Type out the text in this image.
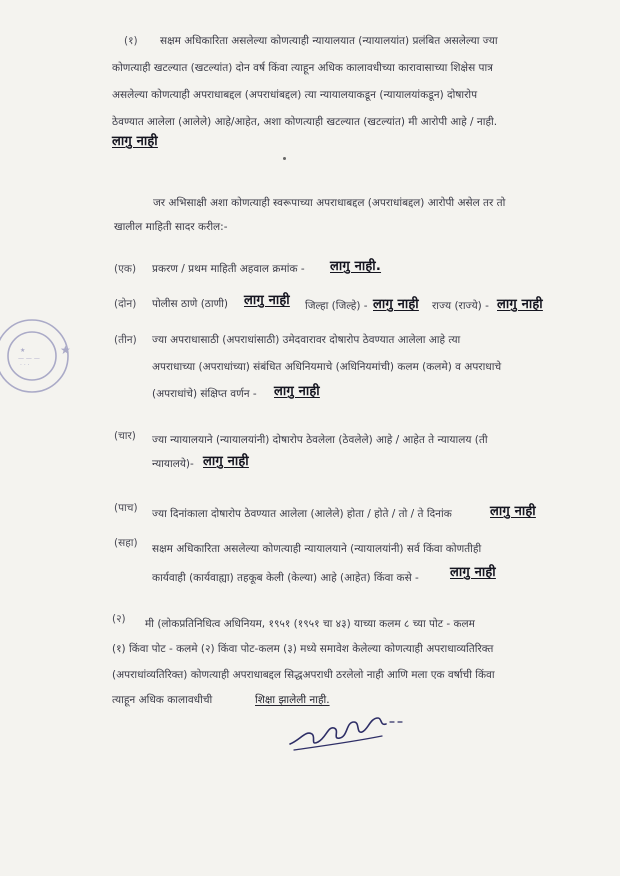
(१) सक्षम अधिकारिता असलेल्या कोणत्याही न्यायालयात (न्यायालयांत) प्रलंबित असलेल्या ज्या
कोणत्याही खटल्यात (खटल्यांत) दोन वर्ष किंवा त्याहून अधिक कालावधीच्या कारावासाच्या शिक्षेस पात्र
असलेल्या कोणत्याही अपराधाबद्दल (अपराधांबद्दल) त्या न्यायालयाकडून (न्यायालयांकडून) दोषारोप
ठेवण्यात आलेला (आलेले) आहे/आहेत, अशा कोणत्याही खटल्यात (खटल्यांत) मी आरोपी आहे / नाही.
लागु नाही
जर अभिसाक्षी अशा कोणत्याही स्वरूपाच्या अपराधाबद्दल (अपराधांबद्दल) आरोपी असेल तर तो
खालील माहिती सादर करील:-
(एक) प्रकरण / प्रथम माहिती अहवाल क्रमांक - लागु नाही.
(दोन) पोलीस ठाणे (ठाणी) लागु नाही जिल्हा (जिल्हे) - लागु नाही राज्य (राज्ये) - लागु नाही
(तीन) ज्या अपराधासाठी (अपराधांसाठी) उमेदवारावर दोषारोप ठेवण्यात आलेला आहे त्या
अपराधाच्या (अपराधांच्या) संबंधित अधिनियमाचे (अधिनियमांची) कलम (कलमे) व अपराधाचे
(अपराधांचे) संक्षिप्त वर्णन - लागु नाही
(चार) ज्या न्यायालयाने (न्यायालयांनी) दोषारोप ठेवलेला (ठेवलेले) आहे / आहेत ते न्यायालय (ती
न्यायालये)- लागु नाही
(पाच) ज्या दिनांकाला दोषारोप ठेवण्यात आलेला (आलेले) होता / होते / तो / ते दिनांक	लागु नाही
(सहा) सक्षम अधिकारिता असलेल्या कोणत्याही न्यायालयाने (न्यायालयांनी) सर्व किंवा कोणतीही
कार्यवाही (कार्यवाह्या) तहकूब केली (केल्या) आहे (आहेत) किंवा कसे - लागु नाही
(२) मी (लोकप्रतिनिधित्व अधिनियम, १९५१ (१९५१ चा ४३) याच्या कलम ८ च्या पोट - कलम
(१) किंवा पोट - कलमे (२) किंवा पोट-कलम (३) मध्ये समावेश केलेल्या कोणत्याही अपराधाव्यतिरिक्त
(अपराधांव्यतिरिक्त) कोणत्याही अपराधाबद्दल सिद्धअपराधी ठरलेलो नाही आणि मला एक वर्षाची किंवा
त्याहून अधिक कालावधीची	शिक्षा झालेली नाही.
★
— — —
· · ·
★
